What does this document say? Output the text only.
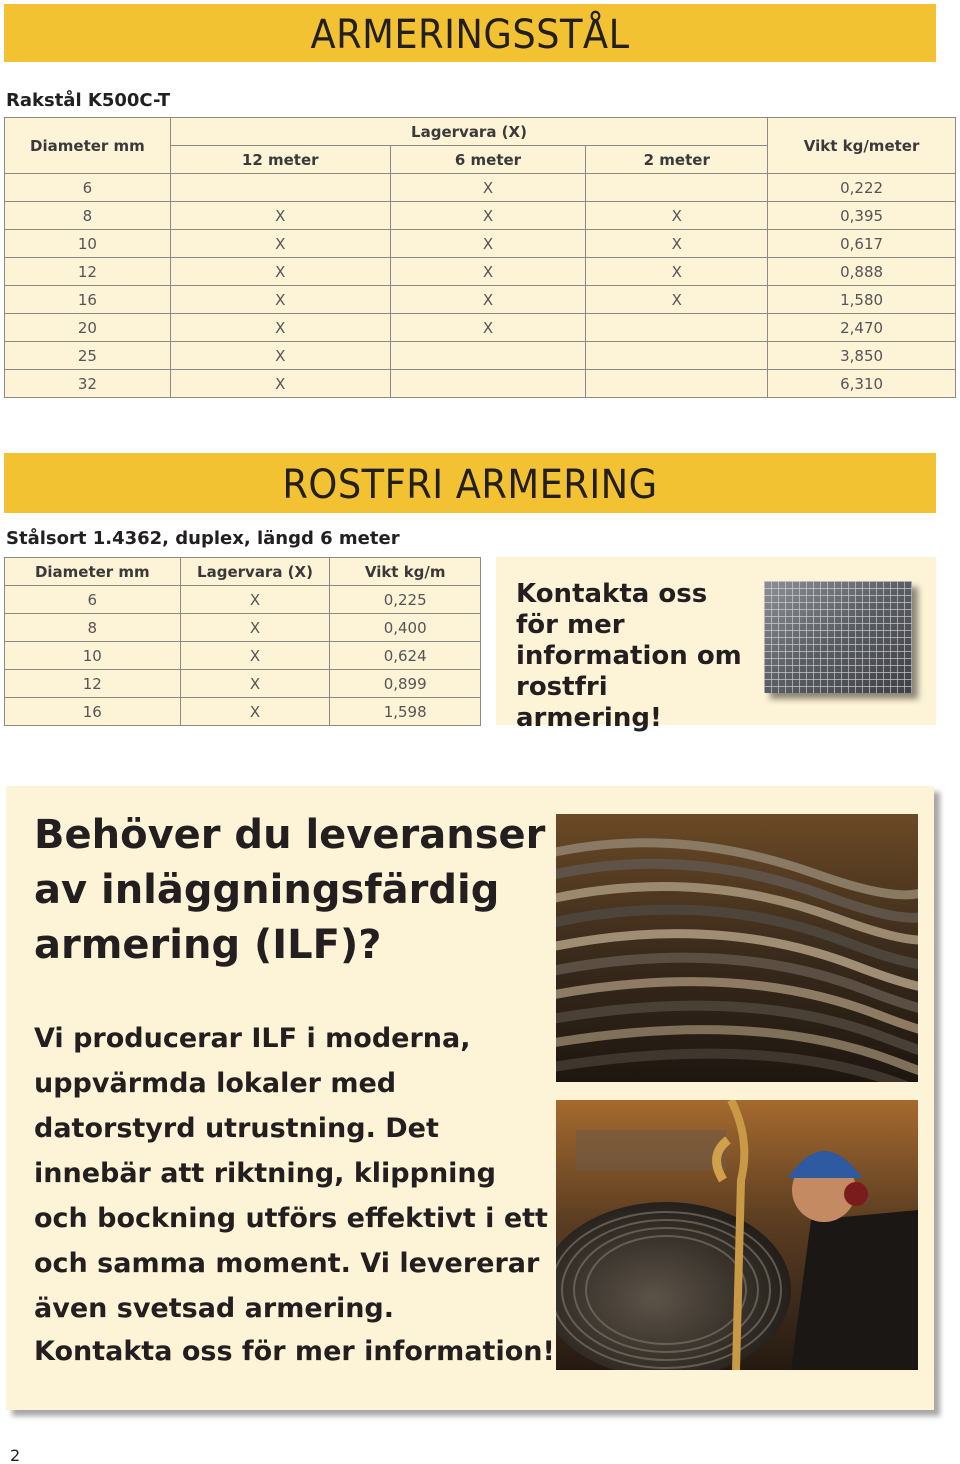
ARMERINGSSTÅL
Rakstål K500C-T
Diameter mm	Lagervara (X)			Vikt kg/meter
	12 meter	6 meter	2 meter	
6		X		0,222
8	X	X	X	0,395
10	X	X	X	0,617
12	X	X	X	0,888
16	X	X	X	1,580
20	X	X		2,470
25	X			3,850
32	X			6,310
ROSTFRI ARMERING
Stålsort 1.4362, duplex, längd 6 meter
Diameter mm	Lagervara (X)	Vikt kg/m
6	X	0,225
8	X	0,400
10	X	0,624
12	X	0,899
16	X	1,598
Kontakta oss för mer information om rostfri armering!
Behöver du leveranser av inläggningsfärdig armering (ILF)?

Vi producerar ILF i moderna, uppvärmda lokaler med datorstyrd utrustning. Det innebär att riktning, klippning och bockning utförs effektivt i ett och samma moment. Vi levererar även svetsad armering.

Kontakta oss för mer information!

2
